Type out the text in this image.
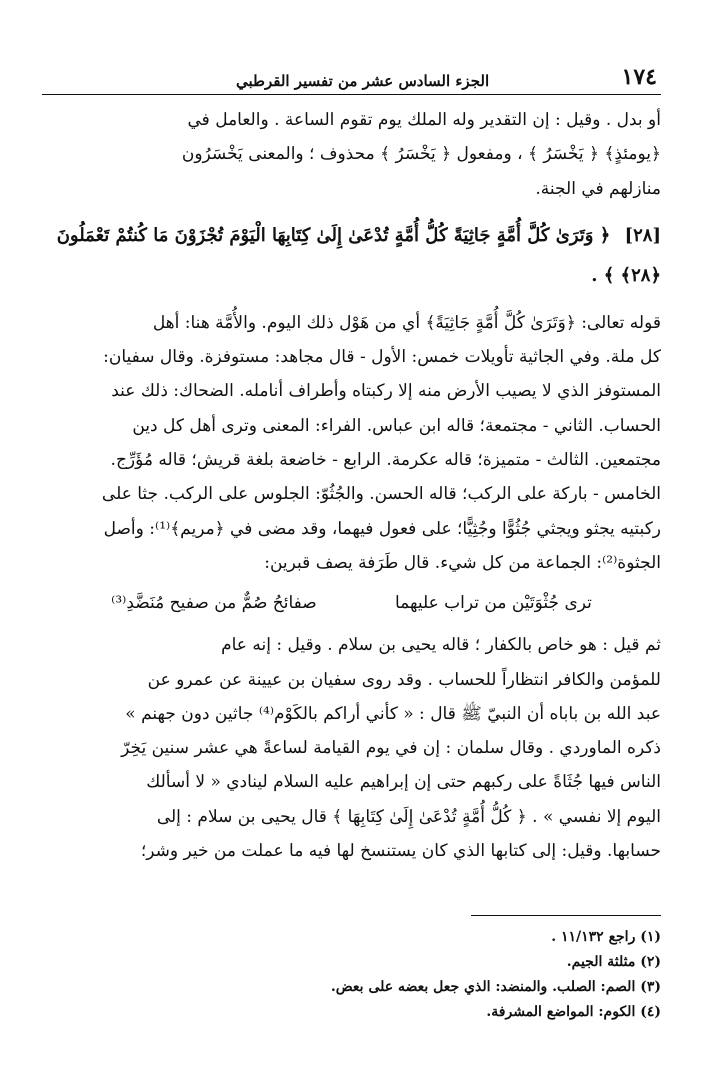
١٧٤
الجزء السادس عشر من تفسير القرطبي

أو بدل . وقيل : إن التقدير وله الملك يوم تقوم الساعة . والعامل في

﴿يومئذٍ﴾ ﴿ يَخْسَرُ ﴾ ، ومفعول ﴿ يَخْسَرُ ﴾ محذوف ؛ والمعنى يَخْسَرُون

منازلهم في الجنة.

[٢٨] ﴿ وَتَرَىٰ كُلَّ أُمَّةٍ جَاثِيَةً كُلُّ أُمَّةٍ تُدْعَىٰ إِلَىٰ كِتَابِهَا الْيَوْمَ تُجْزَوْنَ مَا كُنتُمْ تَعْمَلُونَ ﴿٢٨﴾ ﴾ .

قوله تعالى: ﴿وَتَرَىٰ كُلَّ أُمَّةٍ جَاثِيَةً﴾ أي من هَوْل ذلك اليوم. والأُمَّة هنا: أهل

كل ملة. وفي الجاثية تأويلات خمس: الأول - قال مجاهد: مستوفزة. وقال سفيان:

المستوفز الذي لا يصيب الأرض منه إلا ركبتاه وأطراف أنامله. الضحاك: ذلك عند

الحساب. الثاني - مجتمعة؛ قاله ابن عباس. الفراء: المعنى وترى أهل كل دين

مجتمعين. الثالث - متميزة؛ قاله عكرمة. الرابع - خاضعة بلغة قريش؛ قاله مُؤَرِّج.

الخامس - باركة على الركب؛ قاله الحسن. والجُثُوّ: الجلوس على الركب. جثا على

ركبتيه يجثو ويجثي جُثُوًّا وجُثِيًّا؛ على فعول فيهما، وقد مضى في ﴿مريم﴾⁽¹⁾: وأصل

الجثوة⁽²⁾: الجماعة من كل شيء. قال طَرَفة يصف قبرين:

ترى جُثْوَتَيْن من تراب عليهما
صفائحُ صُمٌّ من صفيح مُنَضَّدِ⁽³⁾

ثم قيل : هو خاص بالكفار ؛ قاله يحيى بن سلام . وقيل : إنه عام

للمؤمن والكافر انتظاراً للحساب . وقد روى سفيان بن عيينة عن عمرو عن

عبد الله بن باباه أن النبيّ ﷺ قال : « كأني أراكم بالكَوْم⁽⁴⁾ جاثين دون جهنم »

ذكره الماوردي . وقال سلمان : إن في يوم القيامة لساعةً هي عشر سنين يَخِرّ

الناس فيها جُثَاةً على ركبهم حتى إن إبراهيم عليه السلام لينادي « لا أسألك

اليوم إلا نفسي » . ﴿ كُلُّ أُمَّةٍ تُدْعَىٰ إِلَىٰ كِتَابِهَا ﴾ قال يحيى بن سلام : إلى

حسابها. وقيل: إلى كتابها الذي كان يستنسخ لها فيه ما عملت من خير وشر؛

(١) راجع ١١/١٣٢ .
(٢) مثلثة الجيم.
(٣) الصم: الصلب. والمنضد: الذي جعل بعضه على بعض.
(٤) الكوم: المواضع المشرفة.
